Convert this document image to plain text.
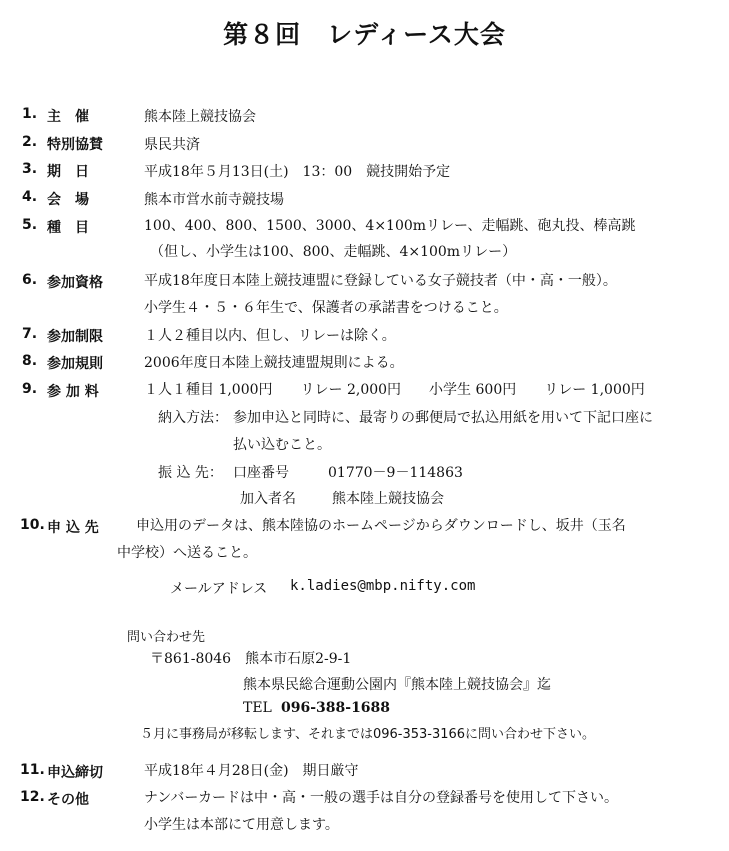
第８回　レディース大会
1. 主　催	熊本陸上競技協会
2. 特別協賛	県民共済
3. 期　日	平成18年５月13日(土)　13：00　競技開始予定
4. 会　場	熊本市営水前寺競技場
5. 種　目	100、400、800、1500、3000、4×100mリレー、走幅跳、砲丸投、棒高跳
（但し、小学生は100、800、走幅跳、4×100mリレー）
6. 参加資格	平成18年度日本陸上競技連盟に登録している女子競技者（中・高・一般）。
小学生４・５・６年生で、保護者の承諾書をつけること。
7. 参加制限	１人２種目以内、但し、リレーは除く。
8. 参加規則	2006年度日本陸上競技連盟規則による。
9. 参 加 料	１人１種目 1,000円　　リレー 2,000円　　小学生 600円　　リレー 1,000円
納入方法： 参加申込と同時に、最寄りの郵便局で払込用紙を用いて下記口座に
払い込むこと。
振 込 先： 口座番号	01770－9－114863
加入者名	熊本陸上競技協会
10. 申 込 先	申込用のデータは、熊本陸協のホームページからダウンロードし、坂井（玉名
中学校）へ送ること。
メールアドレス k.ladies@mbp.nifty.com
問い合わせ先
〒861-8046　熊本市石原2-9-1
熊本県民総合運動公園内『熊本陸上競技協会』迄
TEL 096-388-1688
５月に事務局が移転します、それまでは096-353-3166に問い合わせ下さい。
11. 申込締切	平成18年４月28日(金)　期日厳守
12. その他	ナンバーカードは中・高・一般の選手は自分の登録番号を使用して下さい。
小学生は本部にて用意します。
